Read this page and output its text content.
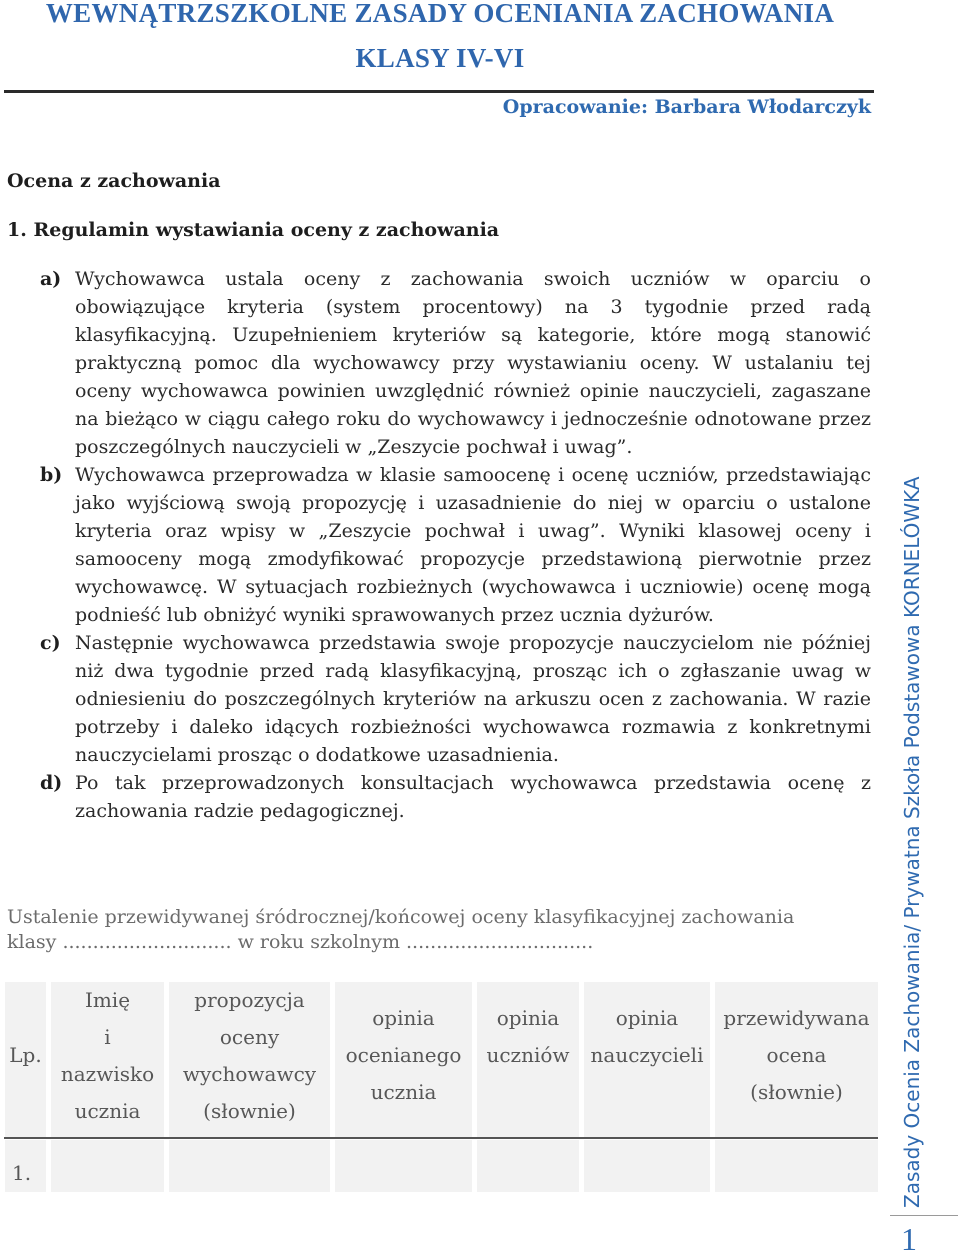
WEWNĄTRZSZKOLNE ZASADY OCENIANIA ZACHOWANIA
KLASY IV-VI
Opracowanie: Barbara Włodarczyk
Ocena z zachowania
1. Regulamin wystawiania oceny z zachowania
a) Wychowawca ustala oceny z zachowania swoich uczniów w oparciu o obowiązujące kryteria (system procentowy) na 3 tygodnie przed radą klasyfikacyjną. Uzupełnieniem kryteriów są kategorie, które mogą stanowić praktyczną pomoc dla wychowawcy przy wystawianiu oceny. W ustalaniu tej oceny wychowawca powinien uwzględnić również opinie nauczycieli, zagaszane na bieżąco w ciągu całego roku do wychowawcy i jednocześnie odnotowane przez poszczególnych nauczycieli w „Zeszycie pochwał i uwag”.

b) Wychowawca przeprowadza w klasie samoocenę i ocenę uczniów, przedstawiając jako wyjściową swoją propozycję i uzasadnienie do niej w oparciu o ustalone kryteria oraz wpisy w „Zeszycie pochwał i uwag”. Wyniki klasowej oceny i samooceny mogą zmodyfikować propozycje przedstawioną pierwotnie przez wychowawcę. W sytuacjach rozbieżnych (wychowawca i uczniowie) ocenę mogą podnieść lub obniżyć wyniki sprawowanych przez ucznia dyżurów.

c) Następnie wychowawca przedstawia swoje propozycje nauczycielom nie później niż dwa tygodnie przed radą klasyfikacyjną, prosząc ich o zgłaszanie uwag w odniesieniu do poszczególnych kryteriów na arkuszu ocen z zachowania. W razie potrzeby i daleko idących rozbieżności wychowawca rozmawia z konkretnymi nauczycielami prosząc o dodatkowe uzasadnienia.

d) Po tak przeprowadzonych konsultacjach wychowawca przedstawia ocenę z zachowania radzie pedagogicznej.

Ustalenie przewidywanej śródrocznej/końcowej oceny klasyfikacyjnej zachowania
klasy ............................ w roku szkolnym ...............................
Lp.
Imię
i
nazwisko
ucznia
propozycja
oceny
wychowawcy
(słownie)
opinia
ocenianego
ucznia
opinia
uczniów
opinia
nauczycieli
przewidywana
ocena
(słownie)
1.	Zasady Ocenia Zachowania/ Prywatna Szkoła Podstawowa KORNELÓWKA
1
